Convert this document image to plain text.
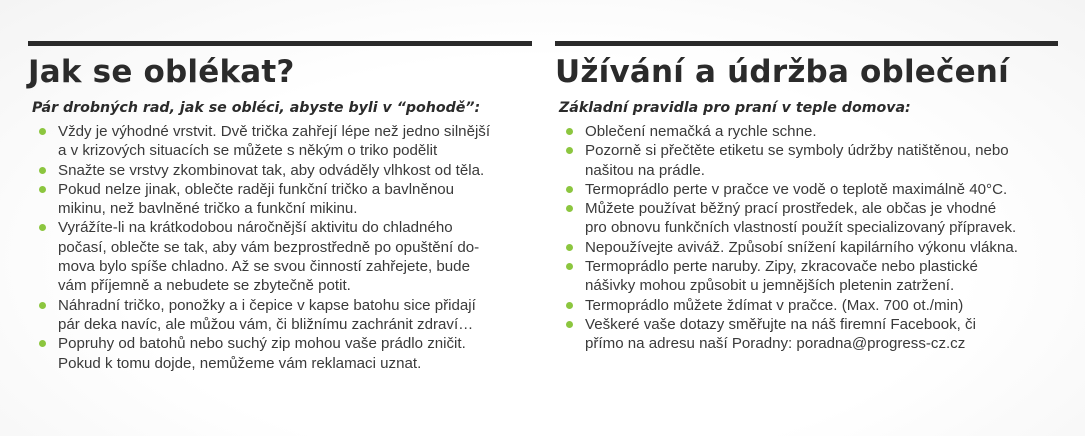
Jak se oblékat?
Pár drobných rad, jak se obléci, abyste byli v “pohodě”:
Vždy je výhodné vrstvit. Dvě trička zahřejí lépe než jedno silnější
a v krizových situacích se můžete s někým o triko podělit
Snažte se vrstvy zkombinovat tak, aby odváděly vlhkost od těla.
Pokud nelze jinak, oblečte raději funkční tričko a bavlněnou
mikinu, než bavlněné tričko a funkční mikinu.
Vyrážíte-li na krátkodobou náročnější aktivitu do chladného
počasí, oblečte se tak, aby vám bezprostředně po opuštění do-
mova bylo spíše chladno. Až se svou činností zahřejete, bude
vám příjemně a nebudete se zbytečně potit.
Náhradní tričko, ponožky a i čepice v kapse batohu sice přidají
pár deka navíc, ale můžou vám, či bližnímu zachránit zdraví…
Popruhy od batohů nebo suchý zip mohou vaše prádlo zničit.
Pokud k tomu dojde, nemůžeme vám reklamaci uznat.
Užívání a údržba oblečení
Základní pravidla pro praní v teple domova:
Oblečení nemačká a rychle schne.
Pozorně si přečtěte etiketu se symboly údržby natištěnou, nebo
našitou na prádle.
Termoprádlo perte v pračce ve vodě o teplotě maximálně 40°C.
Můžete používat běžný prací prostředek, ale občas je vhodné
pro obnovu funkčních vlastností použít specializovaný přípravek.
Nepoužívejte aviváž. Způsobí snížení kapilárního výkonu vlákna.
Termoprádlo perte naruby. Zipy, zkracovače nebo plastické
nášivky mohou způsobit u jemnějších pletenin zatržení.
Termoprádlo můžete ždímat v pračce. (Max. 700 ot./min)
Veškeré vaše dotazy směřujte na náš firemní Facebook, či
přímo na adresu naší Poradny: poradna@progress-cz.cz
